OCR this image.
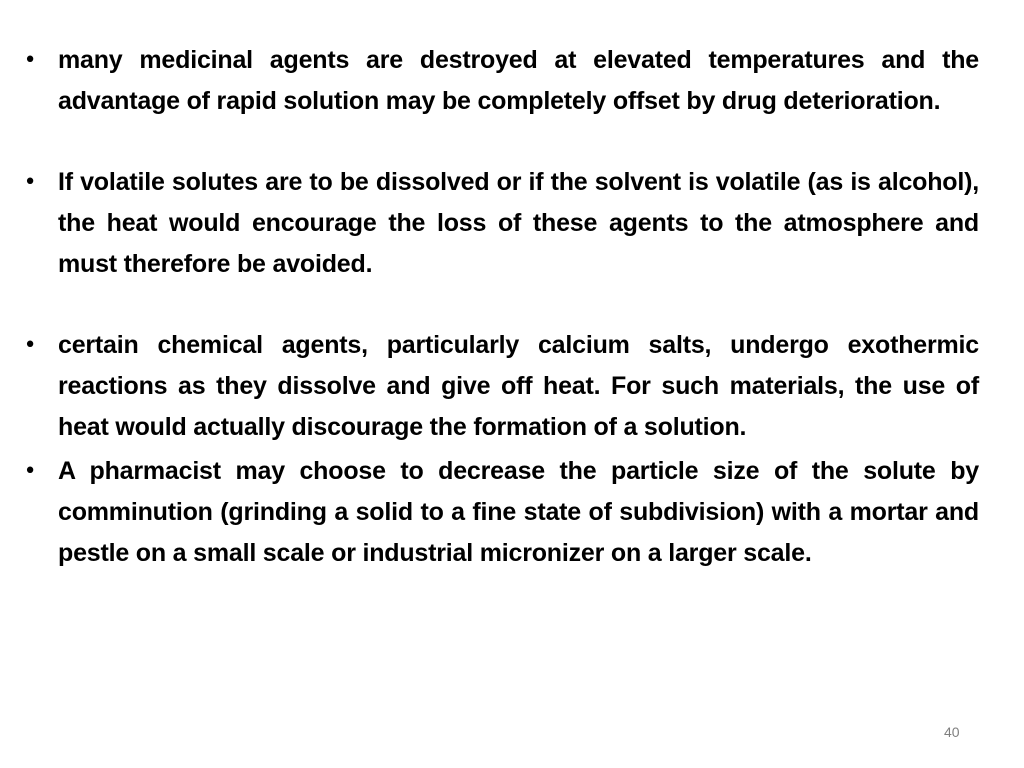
• many medicinal agents are destroyed at elevated temperatures and the advantage of rapid solution may be completely offset by drug deterioration.
• If volatile solutes are to be dissolved or if the solvent is volatile (as is alcohol), the heat would encourage the loss of these agents to the atmosphere and must therefore be avoided.
• certain chemical agents, particularly calcium salts, undergo exothermic reactions as they dissolve and give off heat. For such materials, the use of heat would actually discourage the formation of a solution.
• A pharmacist may choose to decrease the particle size of the solute by comminution (grinding a solid to a fine state of subdivision) with a mortar and pestle on a small scale or industrial micronizer on a larger scale.
40
